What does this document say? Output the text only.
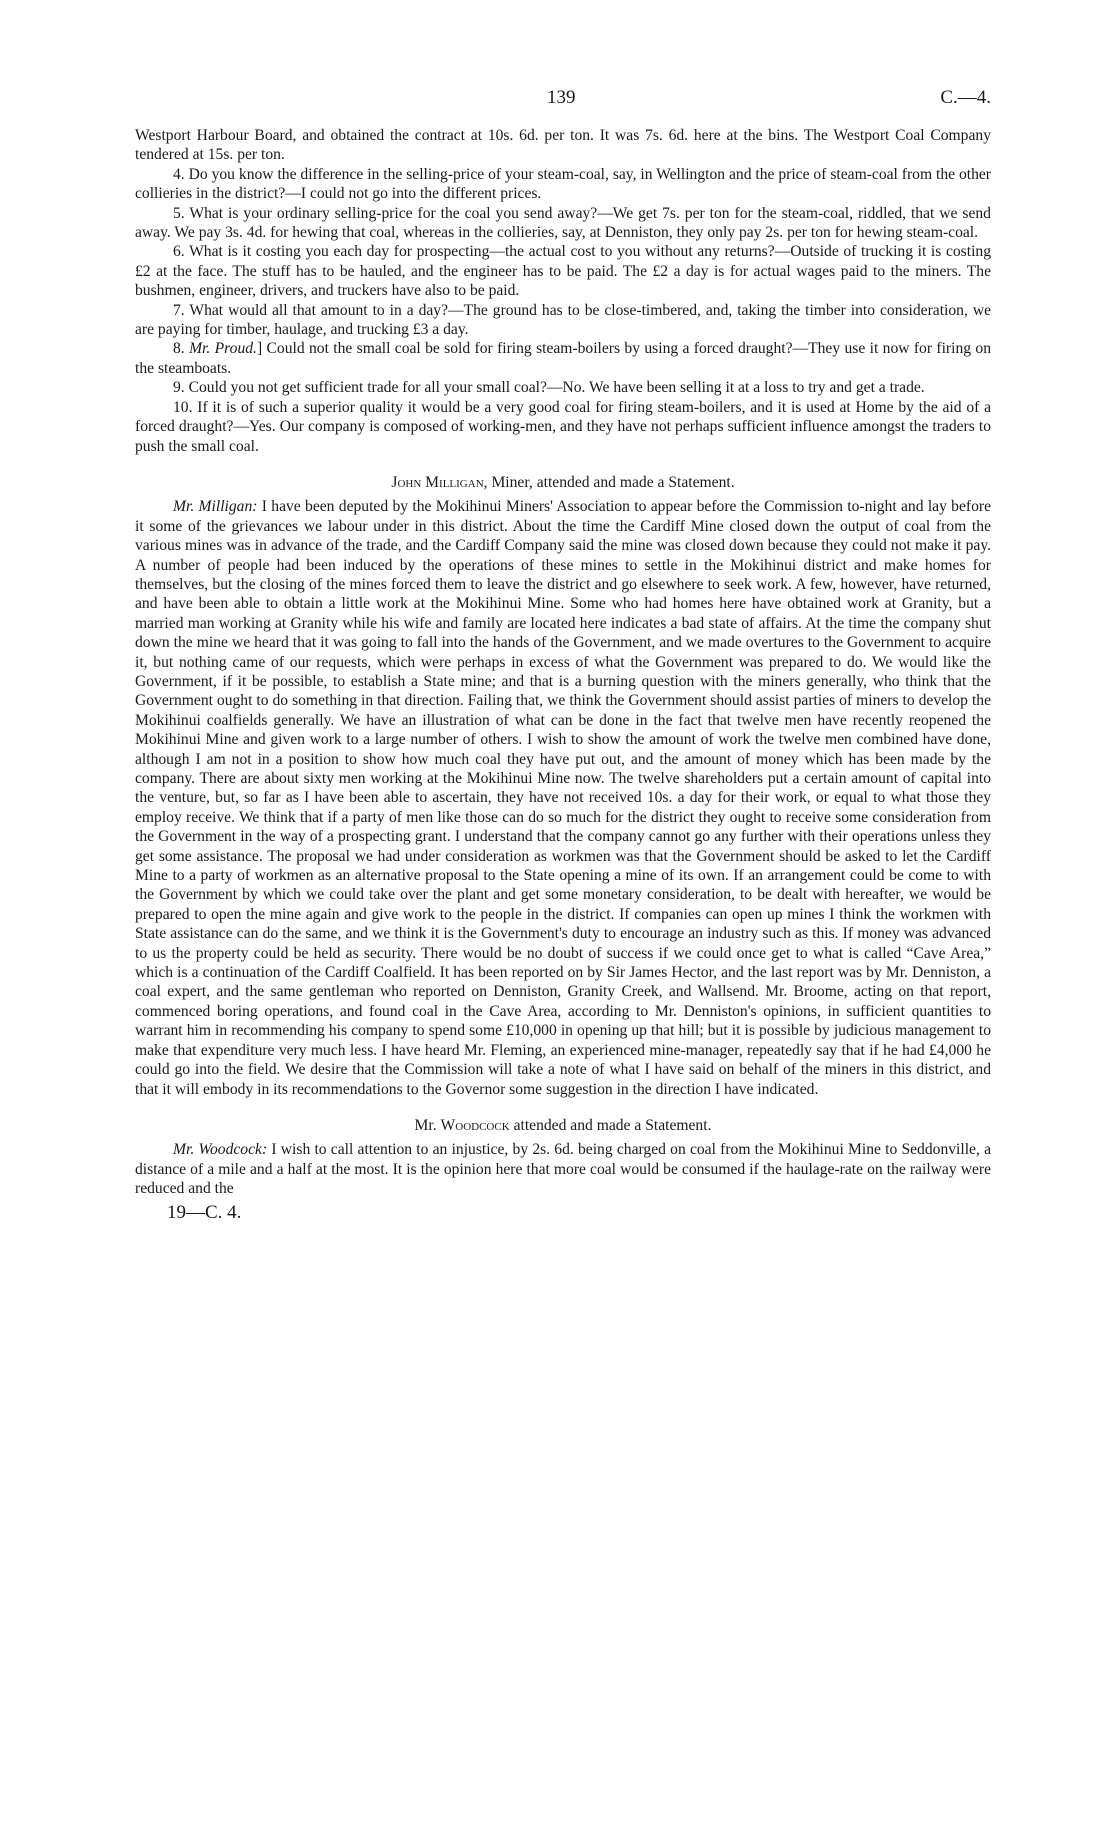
139	C.—4.

Westport Harbour Board, and obtained the contract at 10s. 6d. per ton. It was 7s. 6d. here at the bins. The Westport Coal Company tendered at 15s. per ton.

4. Do you know the difference in the selling-price of your steam-coal, say, in Wellington and the price of steam-coal from the other collieries in the district?—I could not go into the different prices.

5. What is your ordinary selling-price for the coal you send away?—We get 7s. per ton for the steam-coal, riddled, that we send away. We pay 3s. 4d. for hewing that coal, whereas in the collieries, say, at Denniston, they only pay 2s. per ton for hewing steam-coal.

6. What is it costing you each day for prospecting—the actual cost to you without any returns?—Outside of trucking it is costing £2 at the face. The stuff has to be hauled, and the engineer has to be paid. The £2 a day is for actual wages paid to the miners. The bushmen, engineer, drivers, and truckers have also to be paid.

7. What would all that amount to in a day?—The ground has to be close-timbered, and, taking the timber into consideration, we are paying for timber, haulage, and trucking £3 a day.

8. Mr. Proud.] Could not the small coal be sold for firing steam-boilers by using a forced draught?—They use it now for firing on the steamboats.

9. Could you not get sufficient trade for all your small coal?—No. We have been selling it at a loss to try and get a trade.

10. If it is of such a superior quality it would be a very good coal for firing steam-boilers, and it is used at Home by the aid of a forced draught?—Yes. Our company is composed of working-men, and they have not perhaps sufficient influence amongst the traders to push the small coal.

John Milligan, Miner, attended and made a Statement.

Mr. Milligan: I have been deputed by the Mokihinui Miners' Association to appear before the Commission to-night and lay before it some of the grievances we labour under in this district. About the time the Cardiff Mine closed down the output of coal from the various mines was in advance of the trade, and the Cardiff Company said the mine was closed down because they could not make it pay. A number of people had been induced by the operations of these mines to settle in the Mokihinui district and make homes for themselves, but the closing of the mines forced them to leave the district and go elsewhere to seek work. A few, however, have returned, and have been able to obtain a little work at the Mokihinui Mine. Some who had homes here have obtained work at Granity, but a married man working at Granity while his wife and family are located here indicates a bad state of affairs. At the time the company shut down the mine we heard that it was going to fall into the hands of the Government, and we made overtures to the Government to acquire it, but nothing came of our requests, which were perhaps in excess of what the Government was prepared to do. We would like the Government, if it be possible, to establish a State mine; and that is a burning question with the miners generally, who think that the Government ought to do something in that direction. Failing that, we think the Government should assist parties of miners to develop the Mokihinui coalfields generally. We have an illustration of what can be done in the fact that twelve men have recently reopened the Mokihinui Mine and given work to a large number of others. I wish to show the amount of work the twelve men combined have done, although I am not in a position to show how much coal they have put out, and the amount of money which has been made by the company. There are about sixty men working at the Mokihinui Mine now. The twelve shareholders put a certain amount of capital into the venture, but, so far as I have been able to ascertain, they have not received 10s. a day for their work, or equal to what those they employ receive. We think that if a party of men like those can do so much for the district they ought to receive some consideration from the Government in the way of a prospecting grant. I understand that the company cannot go any further with their operations unless they get some assistance. The proposal we had under consideration as workmen was that the Government should be asked to let the Cardiff Mine to a party of workmen as an alternative proposal to the State opening a mine of its own. If an arrangement could be come to with the Government by which we could take over the plant and get some monetary consideration, to be dealt with hereafter, we would be prepared to open the mine again and give work to the people in the district. If companies can open up mines I think the workmen with State assistance can do the same, and we think it is the Government's duty to encourage an industry such as this. If money was advanced to us the property could be held as security. There would be no doubt of success if we could once get to what is called “Cave Area,” which is a continuation of the Cardiff Coalfield. It has been reported on by Sir James Hector, and the last report was by Mr. Denniston, a coal expert, and the same gentleman who reported on Denniston, Granity Creek, and Wallsend. Mr. Broome, acting on that report, commenced boring operations, and found coal in the Cave Area, according to Mr. Denniston's opinions, in sufficient quantities to warrant him in recommending his company to spend some £10,000 in opening up that hill; but it is possible by judicious management to make that expenditure very much less. I have heard Mr. Fleming, an experienced mine-manager, repeatedly say that if he had £4,000 he could go into the field. We desire that the Commission will take a note of what I have said on behalf of the miners in this district, and that it will embody in its recommendations to the Governor some suggestion in the direction I have indicated.

Mr. Woodcock attended and made a Statement.

Mr. Woodcock: I wish to call attention to an injustice, by 2s. 6d. being charged on coal from the Mokihinui Mine to Seddonville, a distance of a mile and a half at the most. It is the opinion here that more coal would be consumed if the haulage-rate on the railway were reduced and the

19—C. 4.
